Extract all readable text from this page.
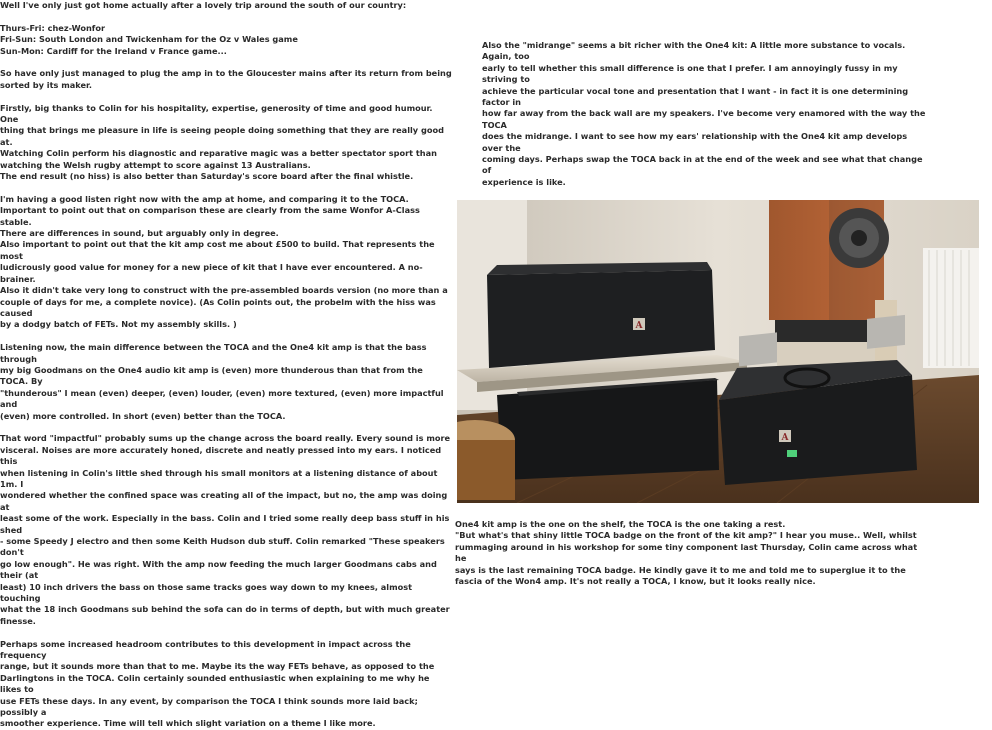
Well I've only just got home actually after a lovely trip around the south of our country:

Thurs-Fri: chez-Wonfor
Fri-Sun: South London and Twickenham for the Oz v Wales game
Sun-Mon: Cardiff for the Ireland v France game...

So have only just managed to plug the amp in to the Gloucester mains after its return from being
sorted by its maker.

Firstly, big thanks to Colin for his hospitality, expertise, generosity of time and good humour. One
thing that brings me pleasure in life is seeing people doing something that they are really good at.
Watching Colin perform his diagnostic and reparative magic was a better spectator sport than
watching the Welsh rugby attempt to score against 13 Australians.
The end result (no hiss) is also better than Saturday's score board after the final whistle.

I'm having a good listen right now with the amp at home, and comparing it to the TOCA.
Important to point out that on comparison these are clearly from the same Wonfor A-Class stable.
There are differences in sound, but arguably only in degree.
Also important to point out that the kit amp cost me about £500 to build. That represents the most
ludicrously good value for money for a new piece of kit that I have ever encountered. A no-brainer.
Also it didn't take very long to construct with the pre-assembled boards version (no more than a
couple of days for me, a complete novice). (As Colin points out, the probelm with the hiss was caused
by a dodgy batch of FETs. Not my assembly skills. )

Listening now, the main difference between the TOCA and the One4 kit amp is that the bass through
my big Goodmans on the One4 audio kit amp is (even) more thunderous than that from the TOCA. By
"thunderous" I mean (even) deeper, (even) louder, (even) more textured, (even) more impactful and
(even) more controlled. In short (even) better than the TOCA.

That word "impactful" probably sums up the change across the board really. Every sound is more
visceral. Noises are more accurately honed, discrete and neatly pressed into my ears. I noticed this
when listening in Colin's little shed through his small monitors at a listening distance of about 1m. I
wondered whether the confined space was creating all of the impact, but no, the amp was doing at
least some of the work. Especially in the bass. Colin and I tried some really deep bass stuff in his shed
- some Speedy J electro and then some Keith Hudson dub stuff. Colin remarked "These speakers don't
go low enough". He was right. With the amp now feeding the much larger Goodmans cabs and their (at
least) 10 inch drivers the bass on those same tracks goes way down to my knees, almost touching
what the 18 inch Goodmans sub behind the sofa can do in terms of depth, but with much greater
finesse.

Perhaps some increased headroom contributes to this development in impact across the frequency
range, but it sounds more than that to me. Maybe its the way FETs behave, as opposed to the
Darlingtons in the TOCA. Colin certainly sounded enthusiastic when explaining to me why he likes to
use FETs these days. In any event, by comparison the TOCA I think sounds more laid back; possibly a
smoother experience. Time will tell which slight variation on a theme I like more.

Also the "midrange" seems a bit richer with the One4 kit: A little more substance to vocals. Again, too
early to tell whether this small difference is one that I prefer. I am annoyingly fussy in my striving to
achieve the particular vocal tone and presentation that I want - in fact it is one determining factor in
how far away from the back wall are my speakers. I've become very enamored with the way the TOCA
does the midrange. I want to see how my ears' relationship with the One4 kit amp develops over the
coming days. Perhaps swap the TOCA back in at the end of the week and see what that change of
experience is like.

A
A

One4 kit amp is the one on the shelf, the TOCA is the one taking a rest.
"But what's that shiny little TOCA badge on the front of the kit amp?" I hear you muse.. Well, whilst
rummaging around in his workshop for some tiny component last Thursday, Colin came across what he
says is the last remaining TOCA badge. He kindly gave it to me and told me to superglue it to the
fascia of the Won4 amp. It's not really a TOCA, I know, but it looks really nice.
